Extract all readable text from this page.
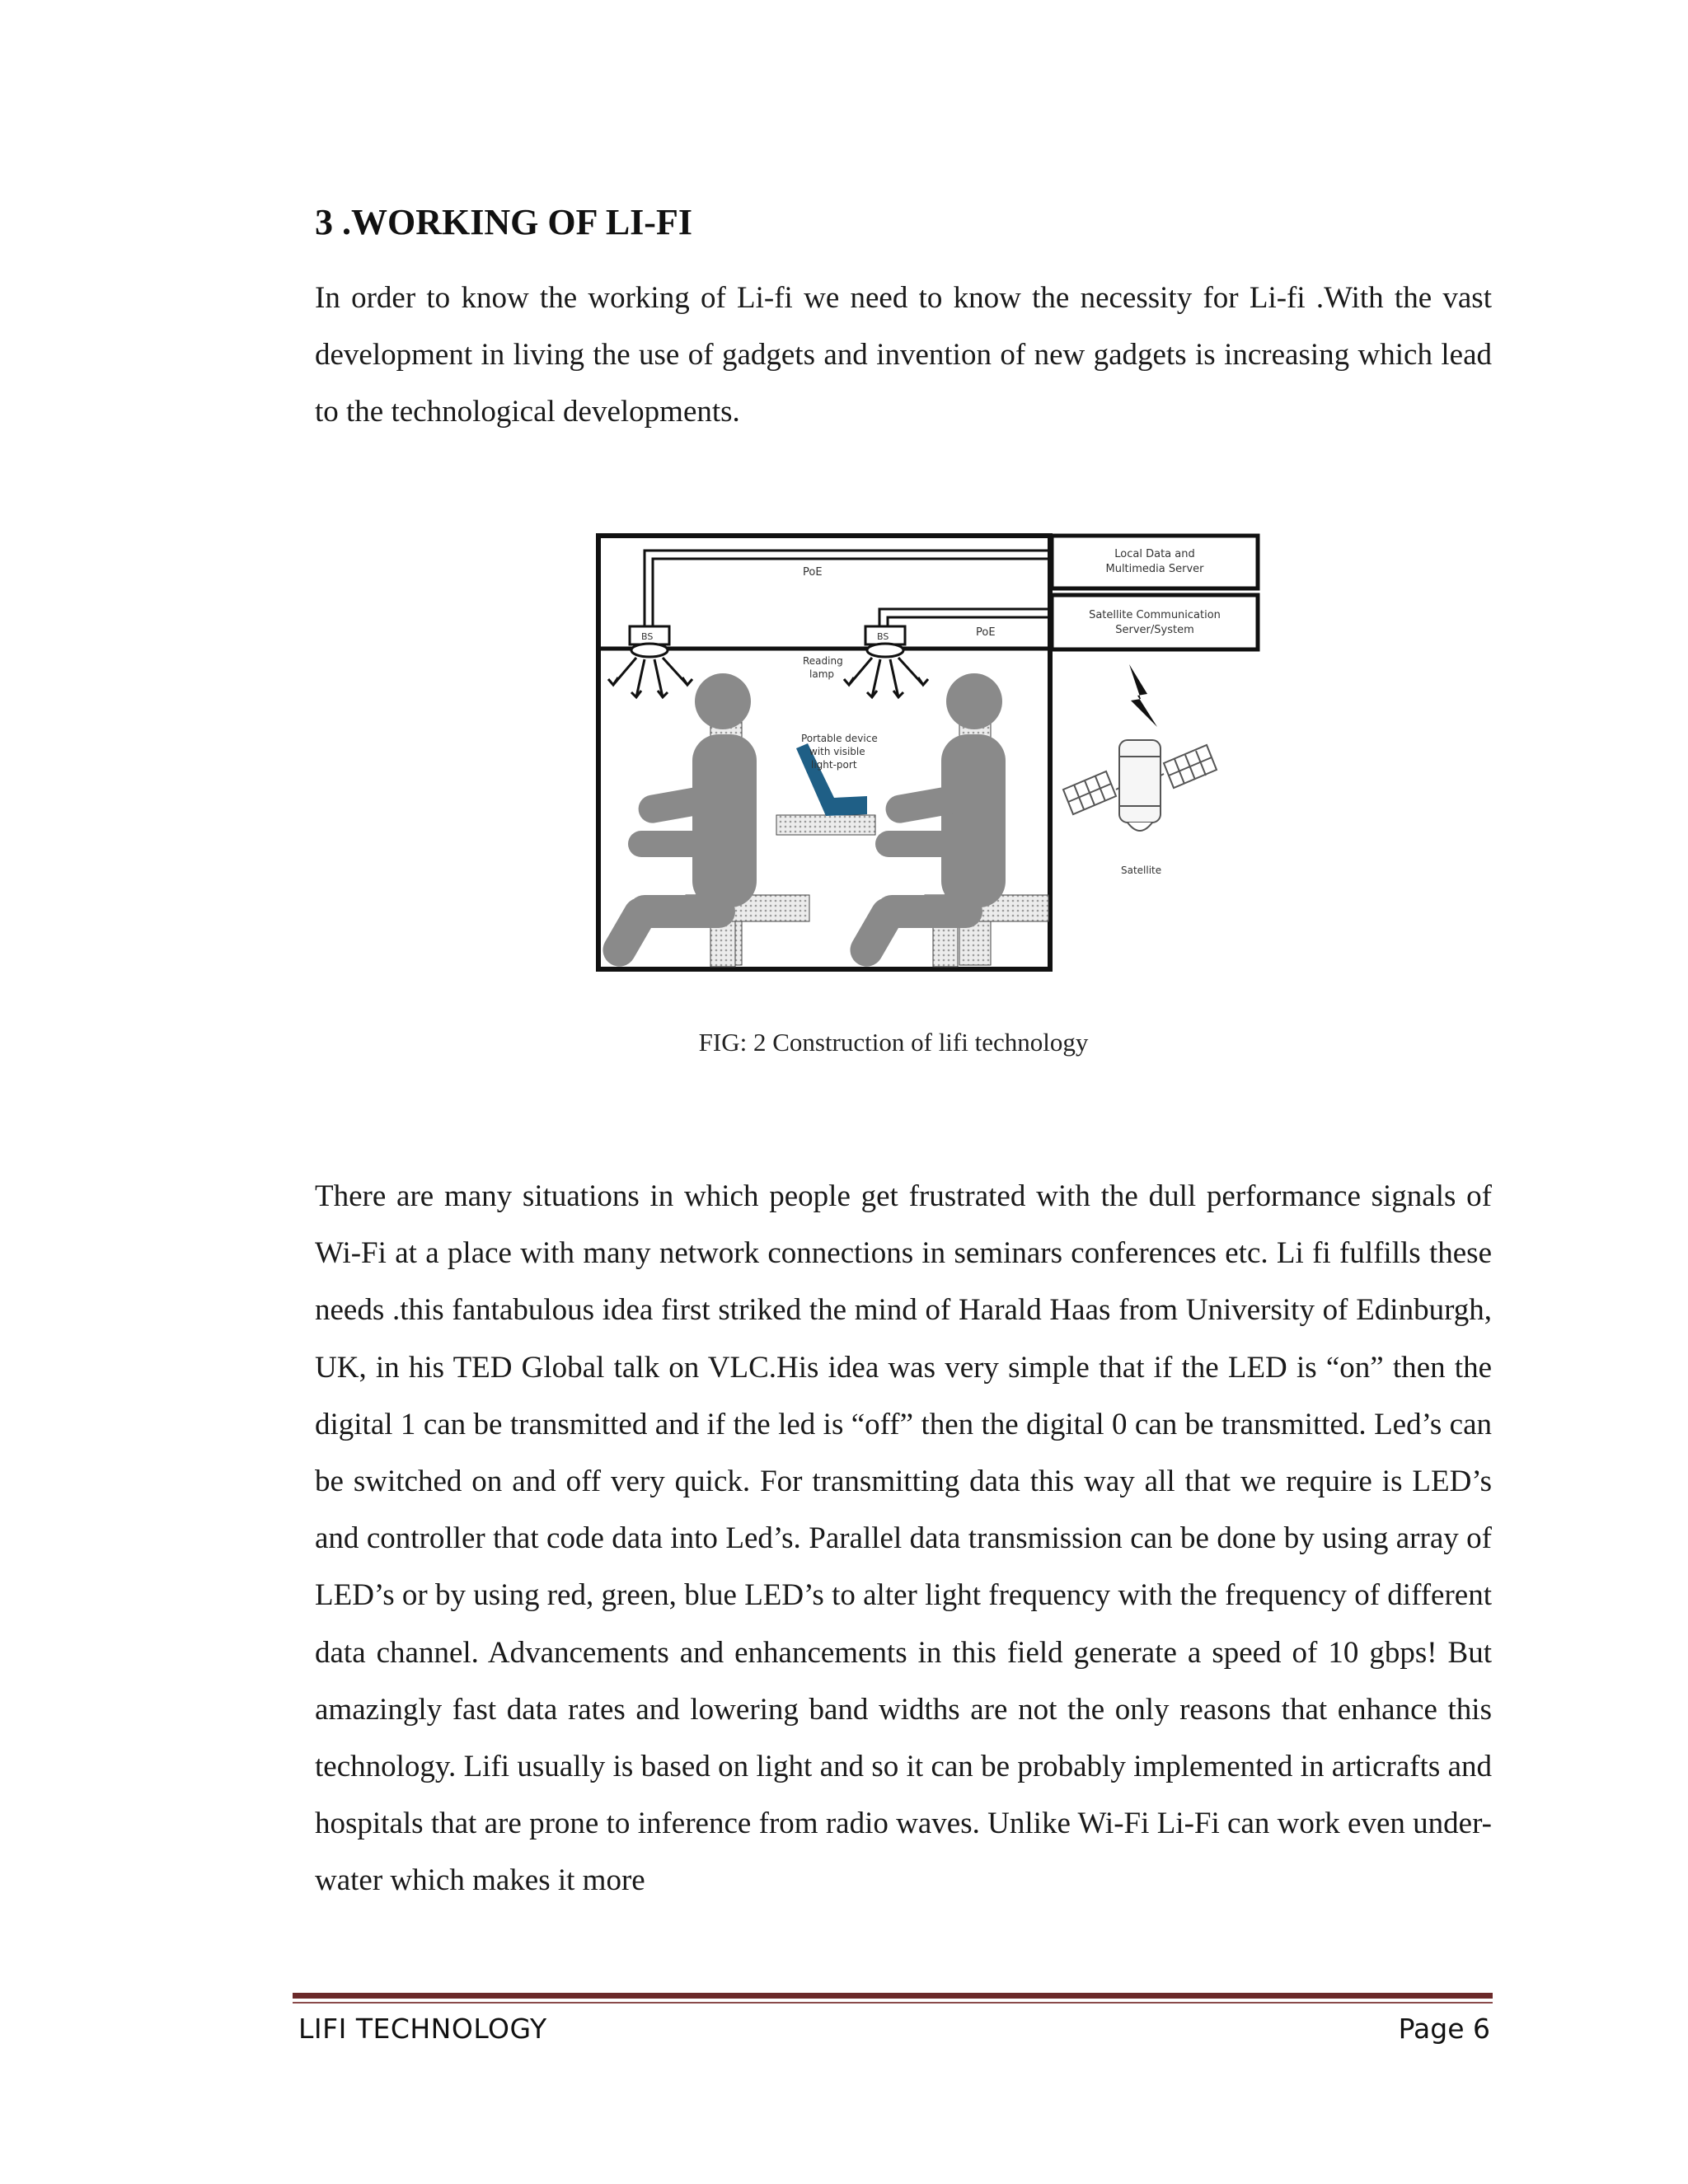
3 .WORKING OF LI-FI

In order to know the working of Li-fi we need to know the necessity for Li-fi .With the vast development in living the use of gadgets and invention of new gadgets is increasing which lead to the technological developments.

PoE
PoE
BS	BS
Reading
lamp
Portable device
with visible
light-port
Local Data and
Multimedia Server
Satellite Communication
Server/System
Satellite
FIG: 2 Construction of lifi technology

There are many situations in which people get frustrated with the dull performance signals of Wi-Fi at a place with many network connections in seminars conferences etc. Li fi fulfills these needs .this fantabulous idea first striked the mind of Harald Haas from University of Edinburgh, UK, in his TED Global talk on VLC.His idea was very simple that if the LED is “on” then the digital 1 can be transmitted and if the led is “off” then the digital 0 can be transmitted. Led’s can be switched on and off very quick. For transmitting data this way all that we require is LED’s and controller that code data into Led’s. Parallel data transmission can be done by using array of LED’s or by using red, green, blue LED’s to alter light frequency with the frequency of different data channel. Advancements and enhancements in this field generate a speed of 10 gbps! But amazingly fast data rates and lowering band widths are not the only reasons that enhance this technology. Lifi usually is based on light and so it can be probably implemented in articrafts and hospitals that are prone to inference from radio waves. Unlike Wi-Fi Li-Fi can work even under- water which makes it more

LIFI TECHNOLOGY	Page 6
